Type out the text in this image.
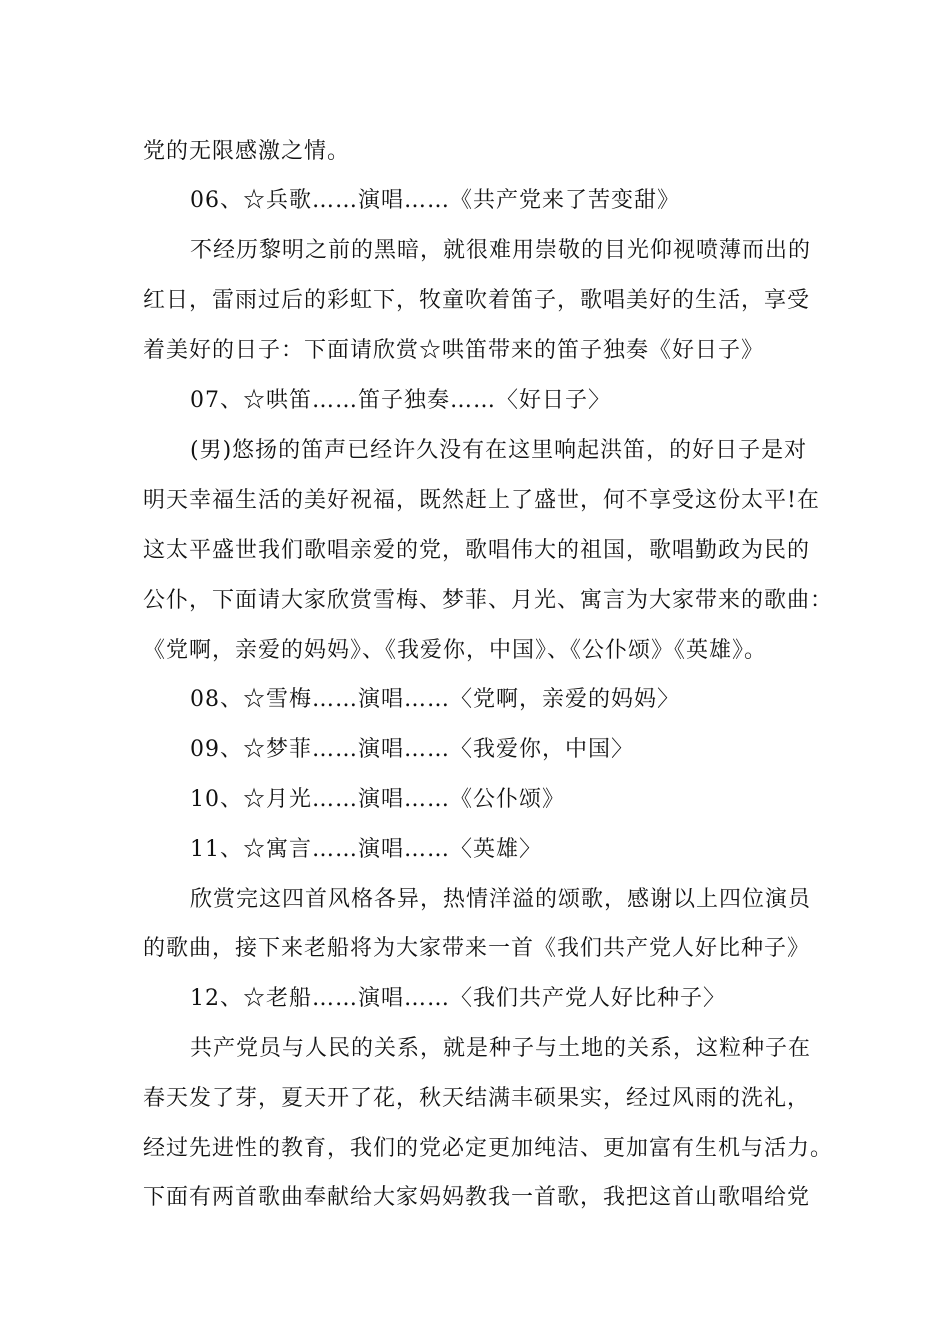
党的无限感激之情。
06、☆兵歌……演唱……《共产党来了苦变甜》
不经历黎明之前的黑暗，就很难用崇敬的目光仰视喷薄而出的
红日，雷雨过后的彩虹下，牧童吹着笛子，歌唱美好的生活，享受
着美好的日子：下面请欣赏☆哄笛带来的笛子独奏《好日子》
07、☆哄笛……笛子独奏……〈好日子〉
(男)悠扬的笛声已经许久没有在这里响起洪笛，的好日子是对
明天幸福生活的美好祝福，既然赶上了盛世，何不享受这份太平!在
这太平盛世我们歌唱亲爱的党，歌唱伟大的祖国，歌唱勤政为民的
公仆，下面请大家欣赏雪梅、梦菲、月光、寓言为大家带来的歌曲：
《党啊，亲爱的妈妈》、《我爱你，中国》、《公仆颂》《英雄》。
08、☆雪梅……演唱……〈党啊，亲爱的妈妈〉
09、☆梦菲……演唱……〈我爱你，中国〉
10、☆月光……演唱……《公仆颂》
11、☆寓言……演唱……〈英雄〉
欣赏完这四首风格各异，热情洋溢的颂歌，感谢以上四位演员
的歌曲，接下来老船将为大家带来一首《我们共产党人好比种子》
12、☆老船……演唱……〈我们共产党人好比种子〉
共产党员与人民的关系，就是种子与土地的关系，这粒种子在
春天发了芽，夏天开了花，秋天结满丰硕果实，经过风雨的洗礼，
经过先进性的教育，我们的党必定更加纯洁、更加富有生机与活力。
下面有两首歌曲奉献给大家妈妈教我一首歌，我把这首山歌唱给党
